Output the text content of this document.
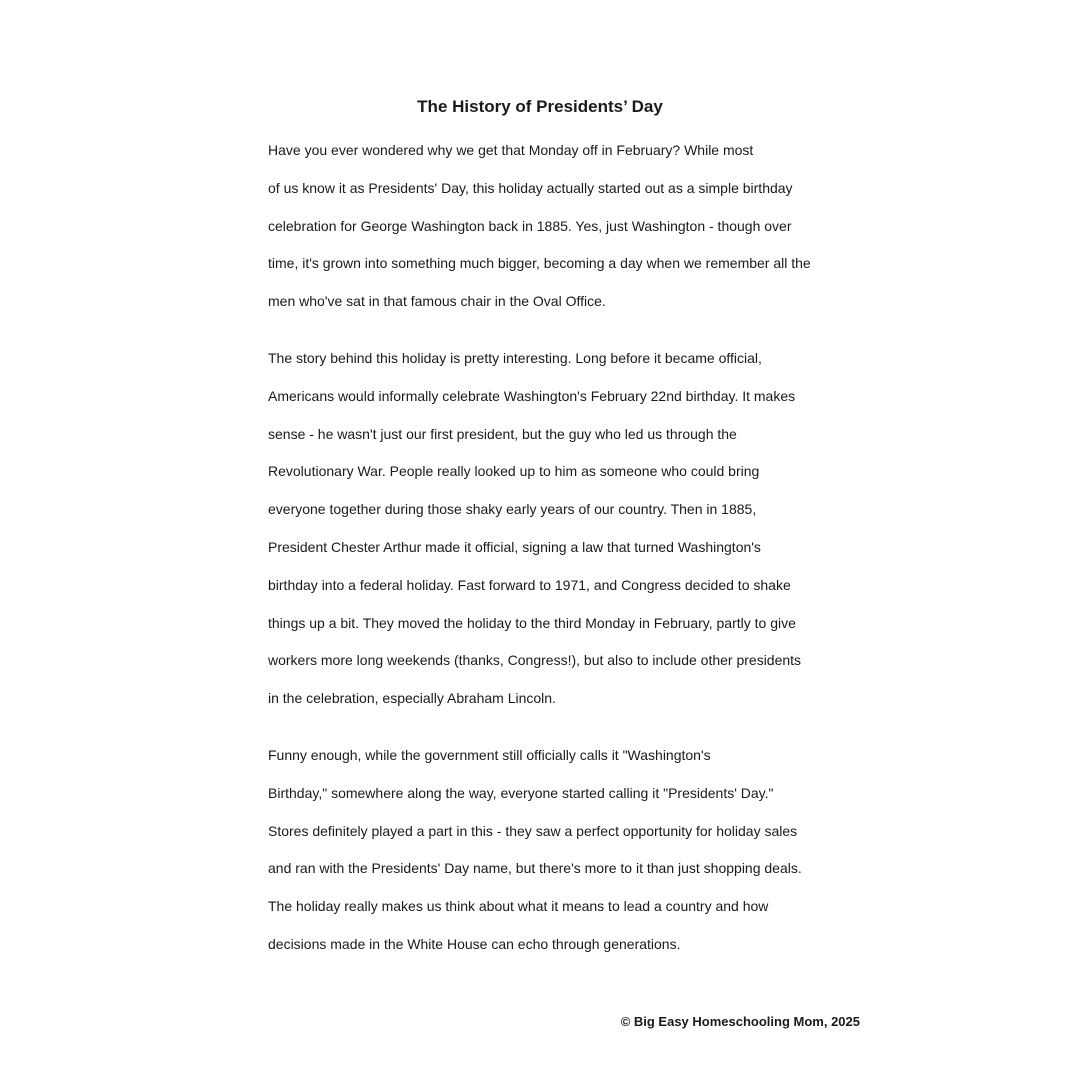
The History of Presidents’ Day

Have you ever wondered why we get that Monday off in February? While most
of us know it as Presidents' Day, this holiday actually started out as a simple birthday
celebration for George Washington back in 1885. Yes, just Washington - though over
time, it's grown into something much bigger, becoming a day when we remember all the
men who've sat in that famous chair in the Oval Office.

The story behind this holiday is pretty interesting. Long before it became official,
Americans would informally celebrate Washington's February 22nd birthday. It makes
sense - he wasn't just our first president, but the guy who led us through the
Revolutionary War. People really looked up to him as someone who could bring
everyone together during those shaky early years of our country. Then in 1885,
President Chester Arthur made it official, signing a law that turned Washington's
birthday into a federal holiday. Fast forward to 1971, and Congress decided to shake
things up a bit. They moved the holiday to the third Monday in February, partly to give
workers more long weekends (thanks, Congress!), but also to include other presidents
in the celebration, especially Abraham Lincoln.

Funny enough, while the government still officially calls it "Washington's
Birthday," somewhere along the way, everyone started calling it "Presidents' Day."
Stores definitely played a part in this - they saw a perfect opportunity for holiday sales
and ran with the Presidents' Day name, but there's more to it than just shopping deals.
The holiday really makes us think about what it means to lead a country and how
decisions made in the White House can echo through generations.

© Big Easy Homeschooling Mom, 2025
